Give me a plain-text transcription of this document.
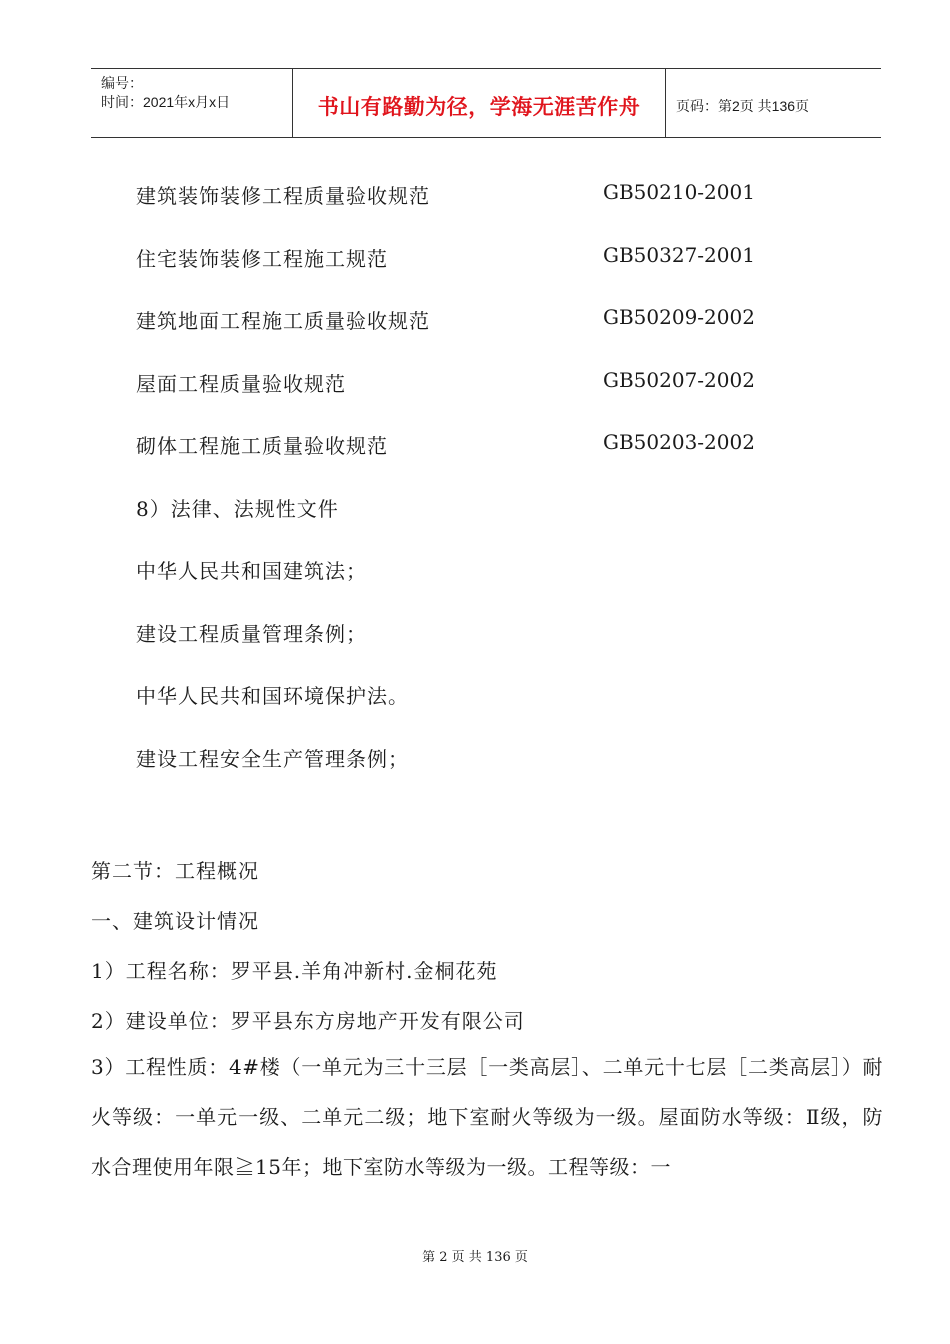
编号：
时间：2021年x月x日	书山有路勤为径，学海无涯苦作舟	页码：第2页 共136页
建筑装饰装修工程质量验收规范	GB50210-2001
住宅装饰装修工程施工规范	GB50327-2001
建筑地面工程施工质量验收规范	GB50209-2002
屋面工程质量验收规范	GB50207-2002
砌体工程施工质量验收规范	GB50203-2002
8）法律、法规性文件
中华人民共和国建筑法；
建设工程质量管理条例；
中华人民共和国环境保护法。
建设工程安全生产管理条例；
第二节：工程概况
一、建筑设计情况
1）工程名称：罗平县.羊角冲新村.金桐花苑
2）建设单位：罗平县东方房地产开发有限公司
3）工程性质：4#楼（一单元为三十三层［一类高层］、二单元十七层［二类高层］）耐火等级：一单元一级、二单元二级；地下室耐火等级为一级。屋面防水等级：Ⅱ级，防水合理使用年限≧15年；地下室防水等级为一级。工程等级：一
第 2 页 共 136 页
